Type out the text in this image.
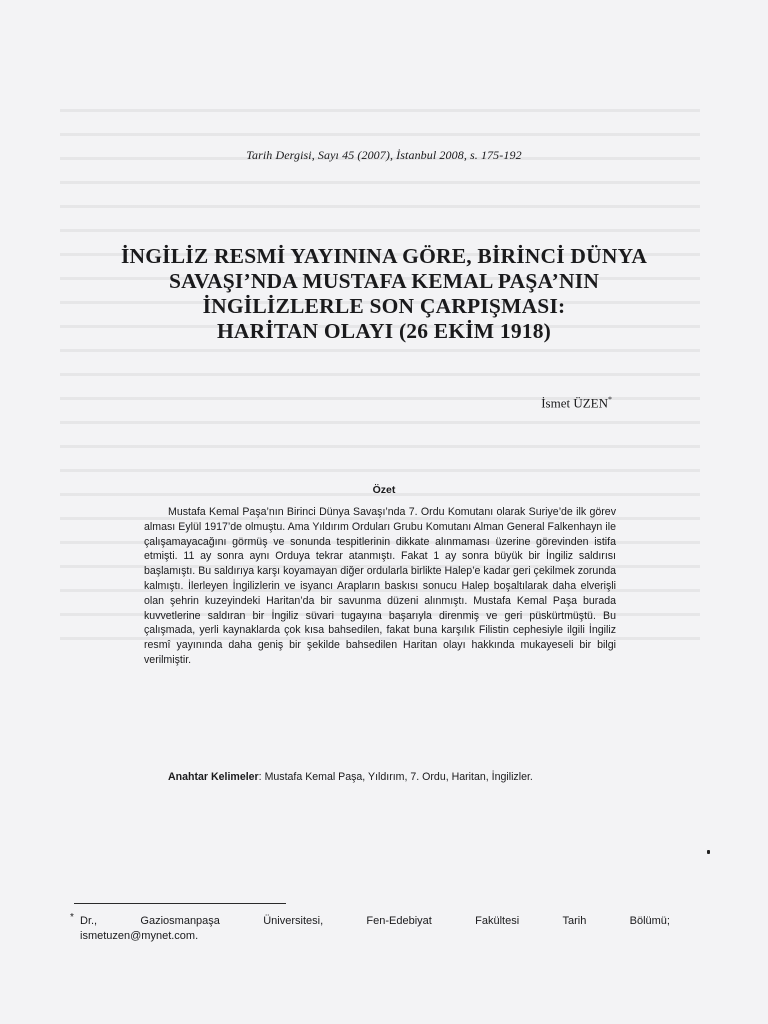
Tarih Dergisi, Sayı 45 (2007), İstanbul 2008, s. 175-192
İNGİLİZ RESMİ YAYININA GÖRE, BİRİNCİ DÜNYA
SAVAŞI’NDA MUSTAFA KEMAL PAŞA’NIN
İNGİLİZLERLE SON ÇARPIŞMASI:
HARİTAN OLAYI (26 EKİM 1918)
İsmet ÜZEN*
Özet

Mustafa Kemal Paşa’nın Birinci Dünya Savaşı’nda 7. Ordu Komutanı olarak Suriye’de ilk görev alması Eylül 1917’de olmuştu. Ama Yıldırım Orduları Grubu Komutanı Alman General Falkenhayn ile çalışamayacağını görmüş ve sonunda tespitlerinin dikkate alınmaması üzerine görevinden istifa etmişti. 11 ay sonra aynı Orduya tekrar atanmıştı. Fakat 1 ay sonra büyük bir İngiliz saldırısı başlamıştı. Bu saldırıya karşı koyamayan diğer ordularla birlikte Halep’e kadar geri çekilmek zorunda kalmıştı. İlerleyen İngilizlerin ve isyancı Arapların baskısı sonucu Halep boşaltılarak daha elverişli olan şehrin kuzeyindeki Haritan’da bir savunma düzeni alınmıştı. Mustafa Kemal Paşa burada kuvvetlerine saldıran bir İngiliz süvari tugayına başarıyla direnmiş ve geri püskürtmüştü. Bu çalışmada, yerli kaynaklarda çok kısa bahsedilen, fakat buna karşılık Filistin cephesiyle ilgili İngiliz resmî yayınında daha geniş bir şekilde bahsedilen Haritan olayı hakkında mukayeseli bir bilgi verilmiştir.

Anahtar Kelimeler: Mustafa Kemal Paşa, Yıldırım, 7. Ordu, Haritan, İngilizler.
* Dr.,	Gaziosmanpaşa	Üniversitesi,	Fen-Edebiyat	Fakültesi	Tarih	Bölümü;
ismetuzen@mynet.com.
